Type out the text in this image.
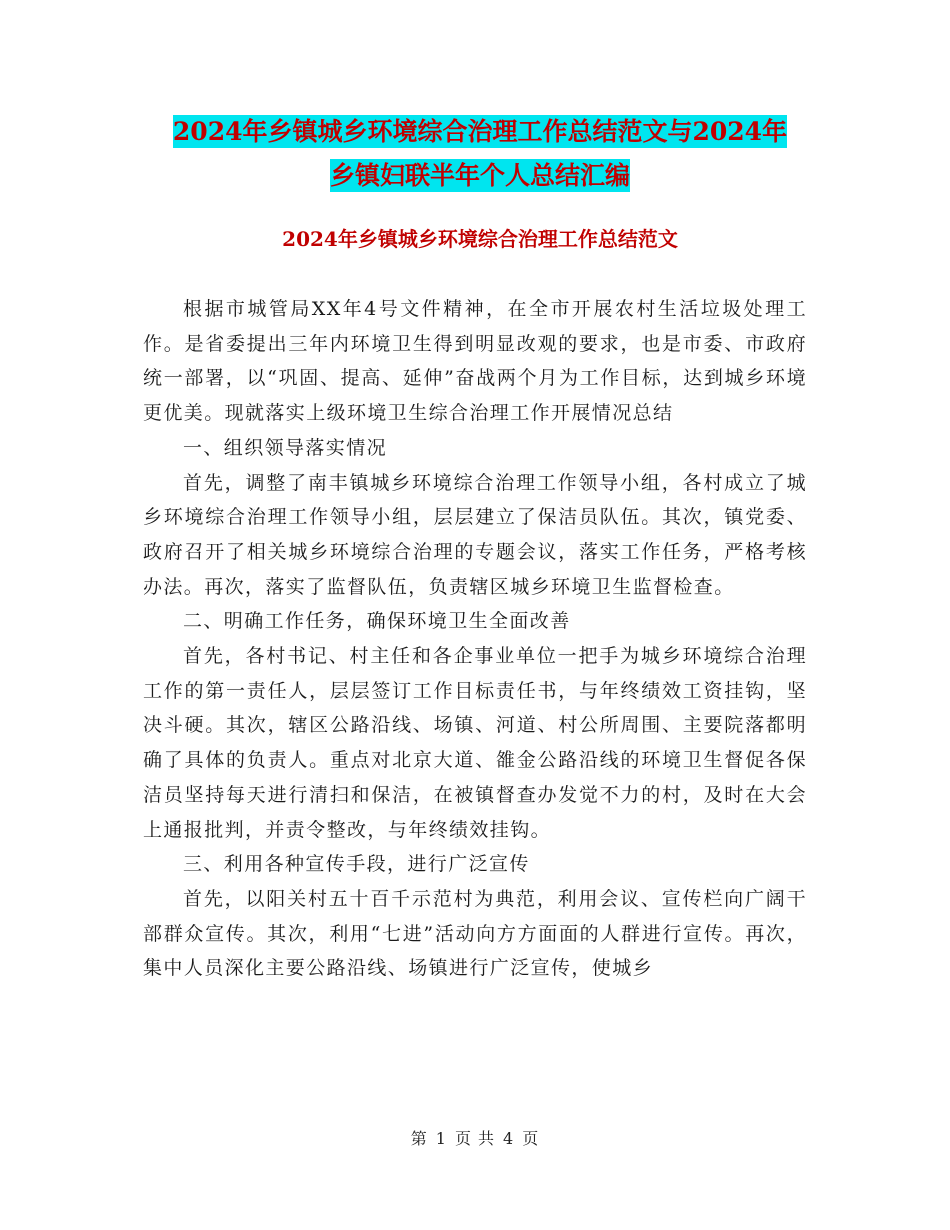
2024年乡镇城乡环境综合治理工作总结范文与2024年
乡镇妇联半年个人总结汇编
2024年乡镇城乡环境综合治理工作总结范文

根据市城管局XX年4号文件精神，在全市开展农村生活垃圾处理工作。是省委提出三年内环境卫生得到明显改观的要求，也是市委、市政府统一部署，以“巩固、提高、延伸”奋战两个月为工作目标，达到城乡环境更优美。现就落实上级环境卫生综合治理工作开展情况总结

一、组织领导落实情况

首先，调整了南丰镇城乡环境综合治理工作领导小组，各村成立了城乡环境综合治理工作领导小组，层层建立了保洁员队伍。其次，镇党委、政府召开了相关城乡环境综合治理的专题会议，落实工作任务，严格考核办法。再次，落实了监督队伍，负责辖区城乡环境卫生监督检查。

二、明确工作任务，确保环境卫生全面改善

首先，各村书记、村主任和各企事业单位一把手为城乡环境综合治理工作的第一责任人，层层签订工作目标责任书，与年终绩效工资挂钩，坚决斗硬。其次，辖区公路沿线、场镇、河道、村公所周围、主要院落都明确了具体的负责人。重点对北京大道、雒金公路沿线的环境卫生督促各保洁员坚持每天进行清扫和保洁，在被镇督查办发觉不力的村，及时在大会上通报批判，并责令整改，与年终绩效挂钩。

三、利用各种宣传手段，进行广泛宣传

首先，以阳关村五十百千示范村为典范，利用会议、宣传栏向广阔干部群众宣传。其次，利用“七进”活动向方方面面的人群进行宣传。再次，集中人员深化主要公路沿线、场镇进行广泛宣传，使城乡

第 1 页 共 4 页
